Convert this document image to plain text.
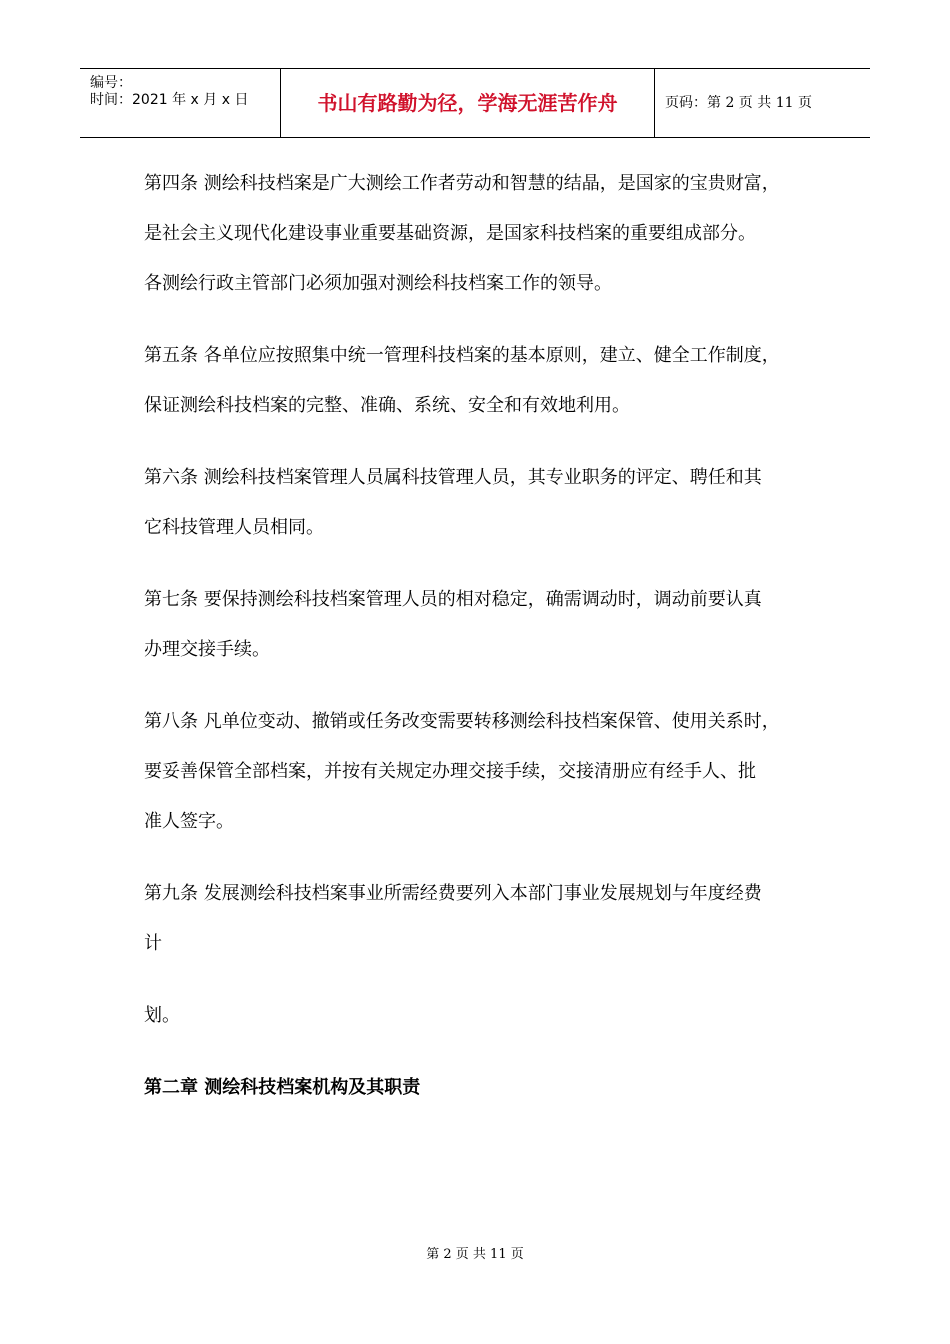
编号：
时间：2021 年 x 月 x 日	书山有路勤为径，学海无涯苦作舟	页码：第 2 页 共 11 页
第四条 测绘科技档案是广大测绘工作者劳动和智慧的结晶，是国家的宝贵财富，
是社会主义现代化建设事业重要基础资源，是国家科技档案的重要组成部分。
各测绘行政主管部门必须加强对测绘科技档案工作的领导。
第五条 各单位应按照集中统一管理科技档案的基本原则，建立、健全工作制度，
保证测绘科技档案的完整、准确、系统、安全和有效地利用。
第六条 测绘科技档案管理人员属科技管理人员，其专业职务的评定、聘任和其
它科技管理人员相同。
第七条 要保持测绘科技档案管理人员的相对稳定，确需调动时，调动前要认真
办理交接手续。
第八条 凡单位变动、撤销或任务改变需要转移测绘科技档案保管、使用关系时，
要妥善保管全部档案，并按有关规定办理交接手续，交接清册应有经手人、批
准人签字。
第九条 发展测绘科技档案事业所需经费要列入本部门事业发展规划与年度经费
计
划。
第二章 测绘科技档案机构及其职责
第 2 页 共 11 页
